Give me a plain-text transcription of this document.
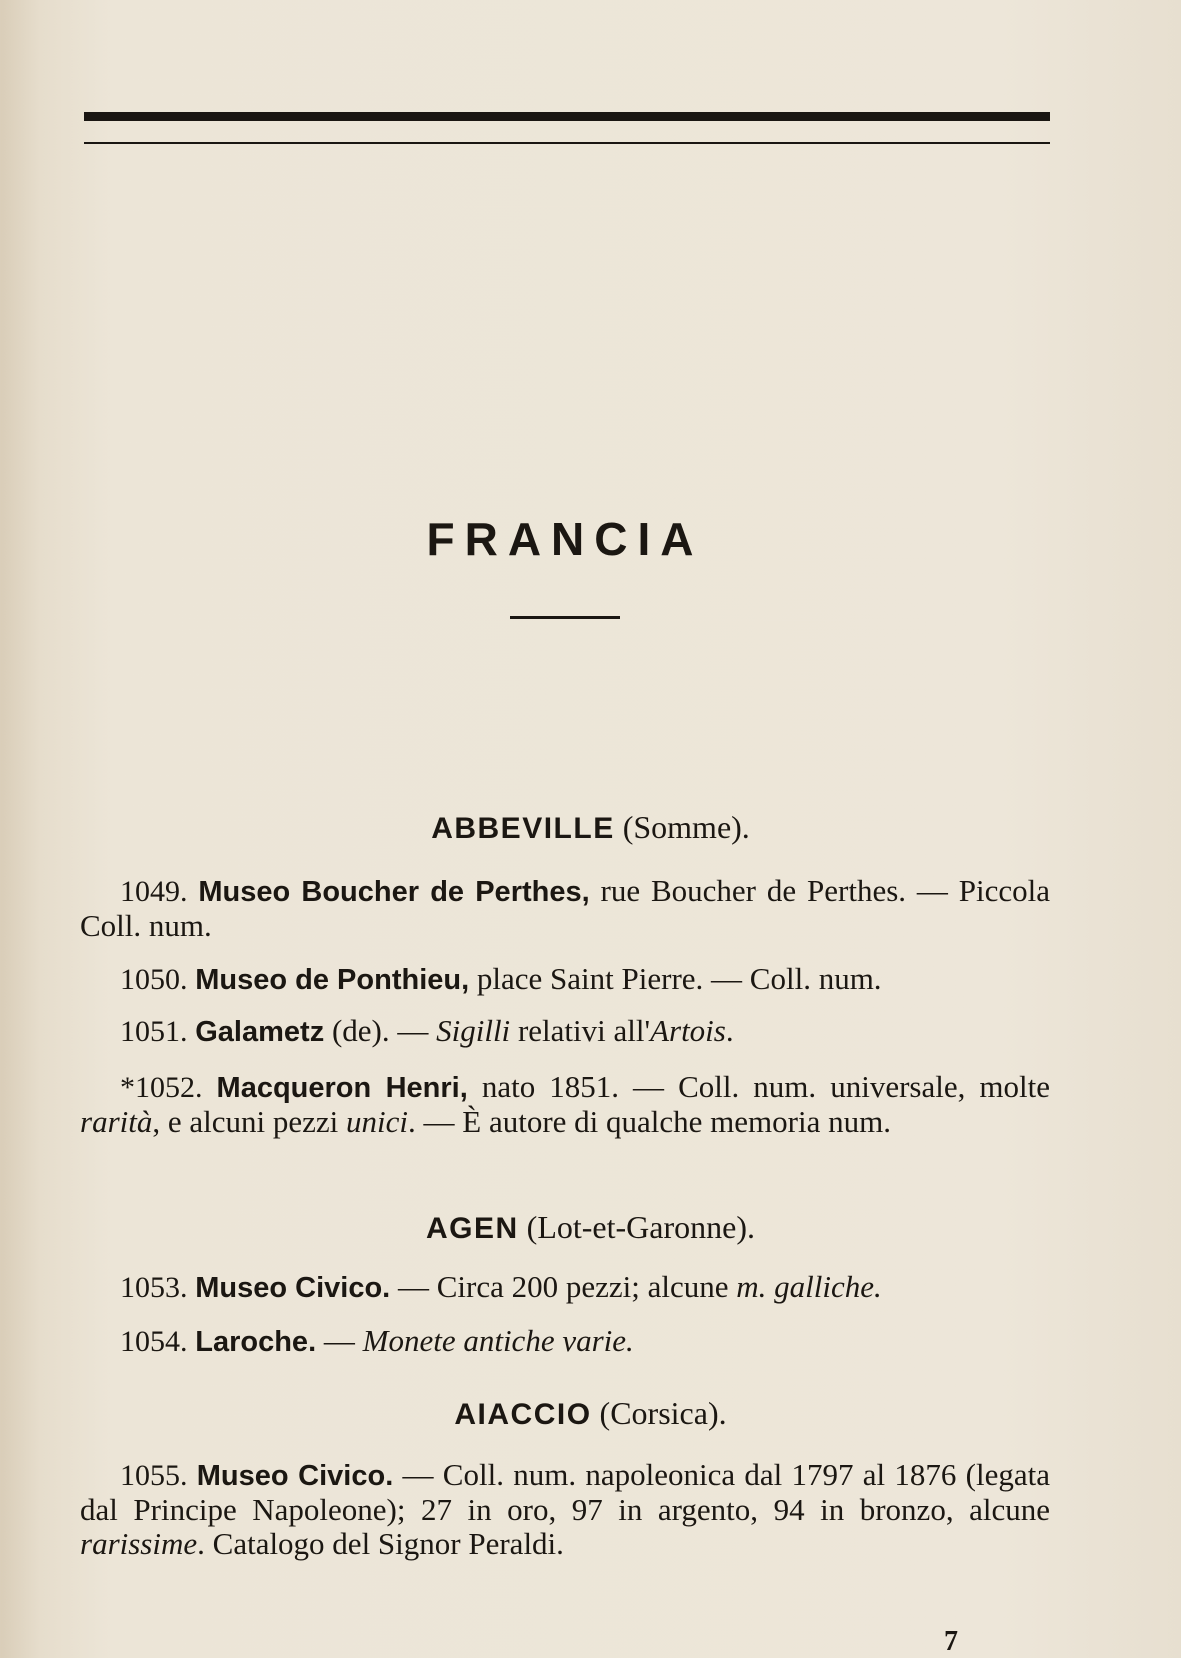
FRANCIA
ABBEVILLE (Somme).
1049. Museo Boucher de Perthes, rue Boucher de Perthes. — Piccola Coll. num.
1050. Museo de Ponthieu, place Saint Pierre. — Coll. num.
1051. Galametz (de). — Sigilli relativi all'Artois.
*1052. Macqueron Henri, nato 1851. — Coll. num. universale, molte rarità, e alcuni pezzi unici. — È autore di qualche memoria num.
AGEN (Lot-et-Garonne).
1053. Museo Civico. — Circa 200 pezzi; alcune m. galliche.
1054. Laroche. — Monete antiche varie.
AIACCIO (Corsica).
1055. Museo Civico. — Coll. num. napoleonica dal 1797 al 1876 (legata dal Principe Napoleone); 27 in oro, 97 in argento, 94 in bronzo, alcune rarissime. Catalogo del Signor Peraldi.
7
